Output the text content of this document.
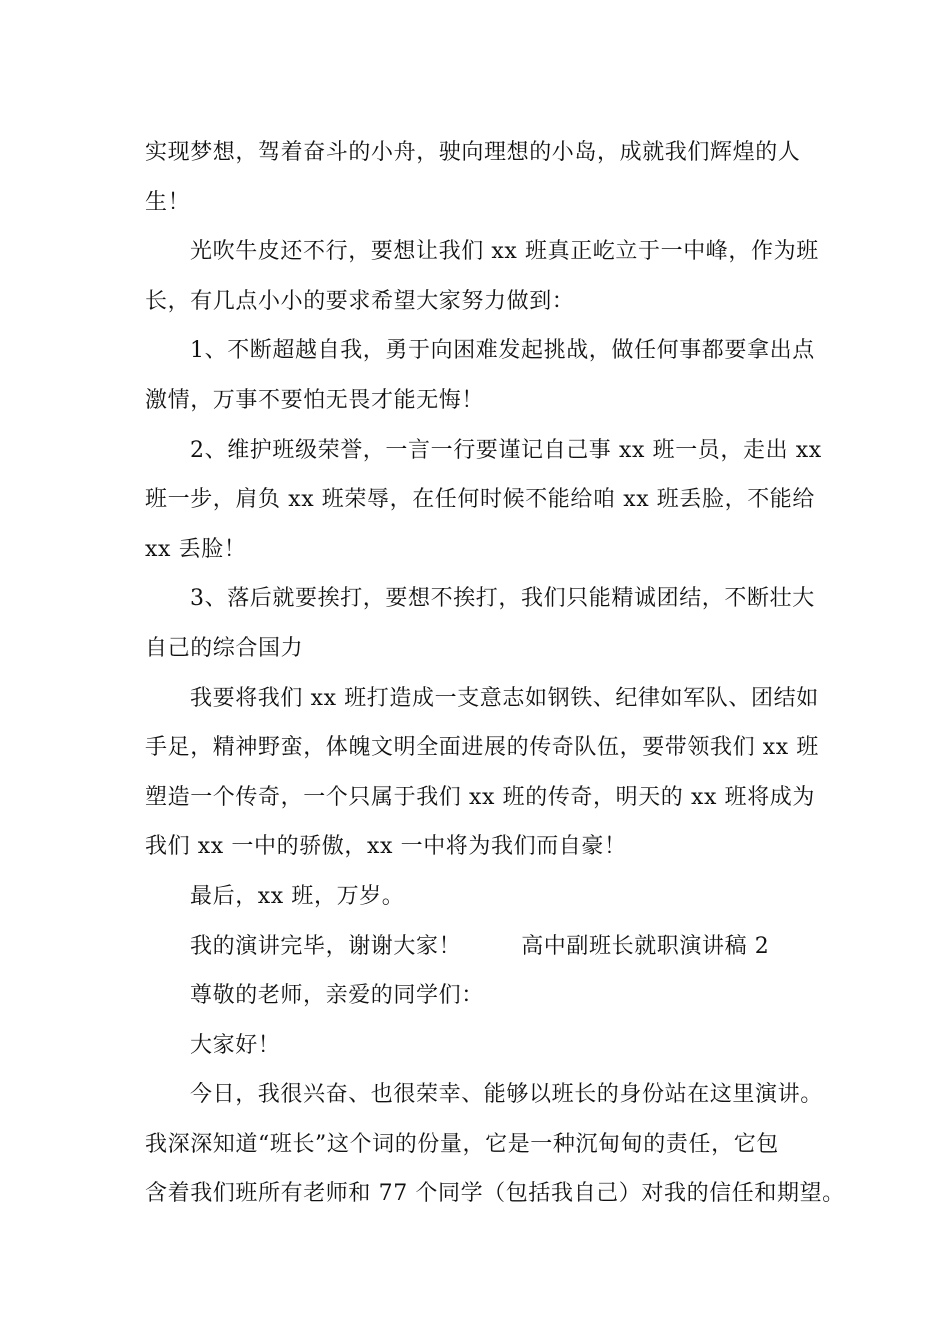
实现梦想，驾着奋斗的小舟，驶向理想的小岛，成就我们辉煌的人
生！

光吹牛皮还不行，要想让我们 xx 班真正屹立于一中峰，作为班
长，有几点小小的要求希望大家努力做到：

1、不断超越自我，勇于向困难发起挑战，做任何事都要拿出点
激情，万事不要怕无畏才能无悔！

2、维护班级荣誉，一言一行要谨记自己事 xx 班一员，走出 xx
班一步，肩负 xx 班荣辱，在任何时候不能给咱 xx 班丢脸，不能给
xx 丢脸！

3、落后就要挨打，要想不挨打，我们只能精诚团结，不断壮大
自己的综合国力

我要将我们 xx 班打造成一支意志如钢铁、纪律如军队、团结如
手足，精神野蛮，体魄文明全面进展的传奇队伍，要带领我们 xx 班
塑造一个传奇，一个只属于我们 xx 班的传奇，明天的 xx 班将成为
我们 xx 一中的骄傲，xx 一中将为我们而自豪！

最后，xx 班，万岁。

我的演讲完毕，谢谢大家！	高中副班长就职演讲稿 2

尊敬的老师，亲爱的同学们：

大家好！

今日，我很兴奋、也很荣幸、能够以班长的身份站在这里演讲。
我深深知道“班长”这个词的份量，它是一种沉甸甸的责任，它包
含着我们班所有老师和 77 个同学（包括我自己）对我的信任和期望。
